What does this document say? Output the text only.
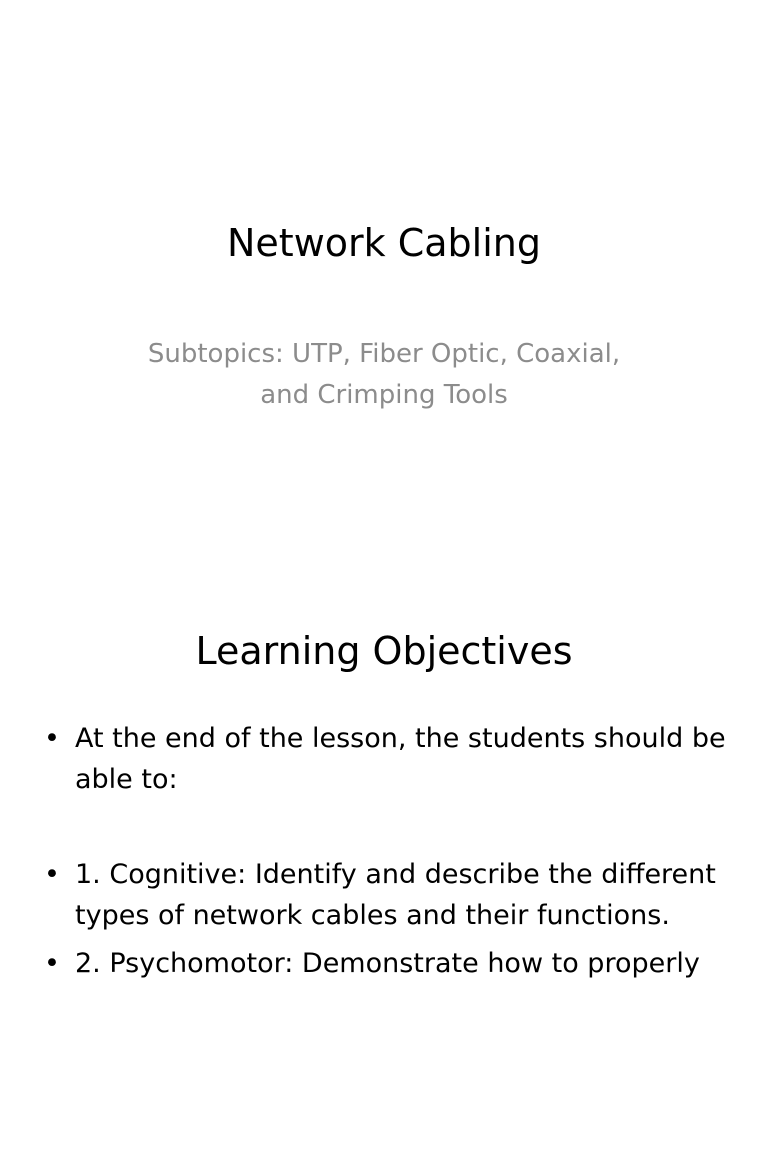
Network Cabling
Subtopics: UTP, Fiber Optic, Coaxial,
and Crimping Tools
Learning Objectives
• At the end of the lesson, the students should be able to:
• 1. Cognitive: Identify and describe the different types of network cables and their functions.
• 2. Psychomotor: Demonstrate how to properly
